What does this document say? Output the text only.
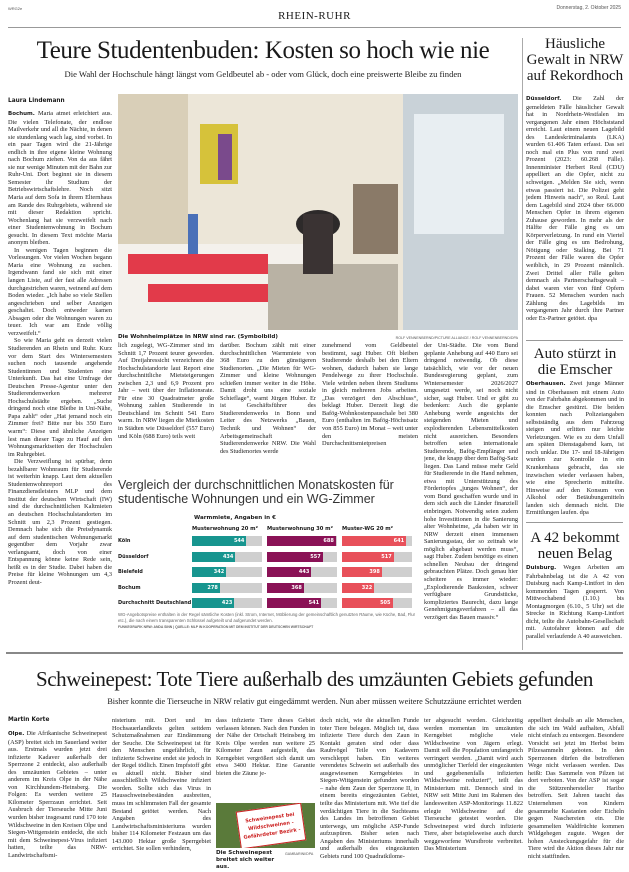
WRG2e	Donnerstag, 2. Oktober 2025
RHEIN-RUHR
Teure Studentenbuden: Kosten so hoch wie nie
Die Wahl der Hochschule hängt längst vom Geldbeutel ab - oder vom Glück, doch eine preiswerte Bleibe zu finden
Laura Lindemann

Bochum. Maria atmet erleichtert aus. Die vielen Telefonate, der endlose Mailverkehr und all die Nächte, in denen sie stundenlang wach lag, sind vorbei. In ein paar Tagen wird die 21-Jährige endlich in ihre eigene kleine Wohnung nach Bochum ziehen. Von da aus fährt sie nur wenige Minuten mit der Bahn zur Ruhr-Uni. Dort beginnt sie in diesem Semester ihr Studium der Betriebswirtschaftslehre. Noch sitzt Maria auf dem Sofa in ihrem Elternhaus am Rande des Ruhrgebiets, während sie mit dieser Redaktion spricht. Wochenlang hat sie verzweifelt nach einer Studentenwohnung in Bochum gesucht. In diesem Text möchte Maria anonym bleiben.

In wenigen Tagen beginnen die Vorlesungen. Vor vielen Wochen begann Maria eine Wohnung zu suchen. Irgendwann fand sie sich mit einer langen Liste, auf der fast alle Adressen durchgestrichen waren, weinend auf dem Boden wieder. „Ich habe so viele Stellen angeschrieben und selber Anzeigen geschaltet. Doch entweder kamen Absagen oder die Wohnungen waren zu teuer. Ich war am Ende völlig verzweifelt.“

So wie Maria geht es derzeit vielen Studierenden an Rhein und Ruhr. Kurz vor dem Start des Wintersemesters suchen noch tausende angehende Studentinnen und Studenten eine Unterkunft. Das hat eine Umfrage der Deutschen Presse-Agentur unter den Studierendenwerken mehrerer Hochschulstädte ergeben. „Suche dringend noch eine Bleibe in Uni-Nähe, Papa zahlt“ oder „Hat jemand noch ein Zimmer frei? Bitte nur bis 350 Euro warm“: Diese und ähnliche Anzeigen lest man dieser Tage zu Hauf auf den Wohnungsmarktseiten der Hochschulen im Ruhrgebiet.

Die Verzweiflung ist spürbar, denn bezahlbarer Wohnraum für Studierende ist weiterhin knapp. Laut dem aktuellen Studentenwohnreport des Finanzdienstleisters MLP und dem Institut der deutschen Wirtschaft (IW) sind die durchschnittlichen Kaltmieten an deutschen Hochschulstandorten im Schnitt um 2,3 Prozent gestiegen. Demnach habe sich die Preisdynamik auf dem studentischen Wohnungsmarkt gegenüber dem Vorjahr zwar verlangsamt, doch von einer Entspannung könne keine Rede sein, heißt es in der Studie. Dabei haben die Preise für kleine Wohnungen um 4,3 Prozent deut-

Die Wohnheimplätze in NRW sind rar. (Symbolbild)	ROLF VENNENBERND/PICTURE ALLIANCE / ROLF VENNENBERND/DPA
lich zugelegt, WG-Zimmer sind im Schnitt 1,7 Prozent teurer geworden. Auf Dreijahressicht verzeichnen die Hochschulstandorte laut Report eine durchschnittliche Mietsteigerungen zwischen 2,3 und 6,9 Prozent pro Jahr – weit über der Inflationsrate. Für eine 30 Quadratmeter große Wohnung zahlen Studierende in Deutschland im Schnitt 541 Euro warm. In NRW liegen die Mietkosten in Städten wie Düsseldorf (557 Euro) und Köln (688 Euro) teils weit
darüber. Bochum zählt mit einer durchschnittlichen Warmmiete von 368 Euro zu den günstigeren Studienorten. „Die Mieten für WG-Zimmer und kleine Wohnungen schießen immer weiter in die Höhe. Damit droht uns eine soziale Schieflage“, warnt Jürgen Huber. Er ist Geschäftsführer des Studierendenwerks in Bonn und Leiter des Netzwerks „Bauen, Technik und Wohnen“ der Arbeitsgemeinschaft Studierendenwerke NRW. Die Wahl des Studienortes werde
zunehmend vom Geldbeutel bestimmt, sagt Huber. Oft bleiben Studierende deshalb bei den Eltern wohnen, dadurch haben sie lange Pendelwege zu ihrer Hochschule. Viele würden neben ihrem Studiums in gleich mehreren Jobs arbeiten. „Das verzögert den Abschluss“, beklagt Huber. Derzeit liegt die Bafög-Wohnkostenpauschale bei 380 Euro (enthalten im Bafög-Höchstsatz von 855 Euro) im Monat – weit unter den meisten Durchschnittsmietpreisen
der Uni-Städte. Die vom Bund geplante Anhebung auf 440 Euro sei dringend notwendig. Ob diese tatsächlich, wie vor der neuen Bundesregierung geplant, zum Wintersemester 2026/2027 umgesetzt werde, sei noch nicht sicher, sagt Huber. Und er gibt zu bedenken: Auch die geplante Anhebung werde angesichts der steigenden Mieten und explodierenden Lebensmittelkosten nicht ausreichen. Besonders betroffen seien internationale Studierende, Bafög-Empfänger und jene, die knapp über dem Bafög-Satz liegen. Das Land müsse mehr Geld für Studierende in die Hand nehmen, etwa mit Unterstützung des Fördertopfes „junges Wohnen“, der vom Bund geschaffen wurde und in dem sich auch die Länder finanziell einbringen. Notwendig seien zudem hohe Investitionen in die Sanierung alter Wohnheime, „da haben wir in NRW derzeit einen immensen Sanierungsstau, der so zeitnah wie möglich abgebaut werden muss“, sagt Huber. Zudem benötige es einen schnellen Neubau der dringend gebrauchten Plätze. Doch genau hier scheitere es immer wieder: „Explodierende Baukosten, schwer verfügbare Grundstücke, kompliziertes Baurecht, dazu lange Genehmigungsverfahren – all das verzögert das Bauen massiv.“
Vergleich der durchschnittlichen Monatskosten für studentische Wohnungen und ein WG-Zimmer
Warmmiete, Angaben in €
Musterwohnung 20 m² Musterwohnung 30 m² Muster-WG 20 m²
Köln	544	688	641
Düsseldorf	434	557	517
Bielefeld	342	443	398
Bochum	278	368	322
Durchschnitt Deutschland	423	541	505
WG-Angebotspreise enthalten in der Regel sämtliche Kosten (inkl. Strom, Internet, Möblierung der gemeinschaftlich genutzten Räume, wie Küche, Bad, Flur etc.), die nach einem transparenten Schlüssel aufgeteilt und aufgerundet werden.
FUNKEGRAFIK NRW: ANDA SINN | QUELLE: MLP IN KOOPERATION MIT DEM INSTITUT DER DEUTSCHEN WIRTSCHAFT
Häusliche Gewalt in NRW auf Rekordhoch

Düsseldorf. Die Zahl der gemeldeten Fälle häuslicher Gewalt hat in Nordrhein-Westfalen im vergangenen Jahr einen Höchststand erreicht. Laut einem neuen Lagebild des Landeskriminalamts (LKA) wurden 61.406 Taten erfasst. Das sei noch mal ein Plus von rund zwei Prozent (2023: 60.268 Fälle). Innenminister Herbert Reul (CDU) appelliert an die Opfer, nicht zu schweigen. „Melden Sie sich, wenn etwas passiert ist. Die Polizei geht jedem Hinweis nach“, so Reul. Laut dem Lagebild sind 2024 über 66.000 Menschen Opfer in ihrem eigenen Zuhause geworden. In mehr als der Hälfte der Fälle ging es um Körperverletzung. In rund ein Viertel der Fälle ging es um Bedrohung, Nötigung oder Stalking. Bei 71 Prozent der Fälle waren die Opfer weiblich, in 29 Prozent männlich. Zwei Drittel aller Fälle gelten demnach als Partnerschaftsgewalt – dabei waren vier von fünf Opfern Frauen. 52 Menschen wurden nach Zählung des Lagebilds im vergangenen Jahr durch ihre Partner oder Ex-Partner getötet. dpa

Auto stürzt in die Emscher

Oberhausen. Zwei junge Männer sind in Oberhausen mit einem Auto von der Fahrbahn abgekommen und in die Emscher gestürzt. Die beiden konnten nach Polizeiangaben selbstständig aus dem Fahrzeug steigen und erlitten nur leichte Verletzungen. Wie es zu dem Unfall am späten Dienstagabend kam, ist noch unklar. Die 17- und 18-Jährigen wurden zur Kontrolle in ein Krankenhaus gebracht, das sie inzwischen wieder verlassen haben, wie eine Sprecherin mitteilte. Hinweise auf den Konsum von Alkohol oder Betäubungsmitteln landen sich demnach nicht. Die Ermittlungen laufen. dpa

A 42 bekommt neuen Belag

Duisburg. Wegen Arbeiten am Fahrbahnbelag ist die A 42 von Duisburg nach Kamp-Lintfort in den kommenden Tagen gesperrt. Von Mittwochabend (1.10.) bis Montagmorgen (6.10., 5 Uhr) sei die Strecke in Richtung Kamp-Lintfort dicht, teilte die Autobahn-Gesellschaft mit. Autofahrer können auf die parallel verlaufende A 40 ausweichen.

Schweinepest: Tote Tiere außerhalb des umzäunten Gebiets gefunden
Bisher konnte die Tierseuche in NRW relativ gut eingedämmt werden. Nun aber müssen weitere Schutzzäune errichtet werden
Martin Korte

Olpe. Die Afrikanische Schweinepest (ASP) breitet sich im Sauerland weiter aus. Erstmals wurden jetzt drei infizierte Kadaver außerhalb der Sperrzone 2 entdeckt, also außerhalb des umzäunten Gebietes – unter anderem im Kreis Olpe in der Nähe von Kirchhundem-Heinsberg. Die Folgen: Es werden weitere 25 Kilometer Sperrzaun errichtet. Seit Ausbruch der Tierseuche Mitte Juni wurden bisher insgesamt rund 170 tote Wildschweine in den Kreisen Olpe und Siegen-Wittgenstein entdeckt, die sich mit dem Schweinepest-Virus infiziert hatten, teilte das NRW-Landwirtschaftsmi-

nisterium mit. Dort und im Hochsauerlandkreis gelten seitdem Schutzmaßnahmen zur Eindämmung der Seuche. Die Schweinepest ist für den Menschen ungefährlich, für infizierte Schweine endet sie jedoch in der Regel tödlich. Einen Impfstoff gibt es aktuell nicht. Bisher sind ausschließlich Wildschweine infiziert worden. Sollte sich das Virus in Hausschweinebeständen ausbreiten, muss im schlimmsten Fall der gesamte Bestand getötet werden. Nach Angaben des Landwirtschaftsministeriums wurden bisher 114 Kilometer Festzaun um das 143.000 Hektar große Sperrgebiet errichtet. Sie sollen verhindern,
dass infizierte Tiere dieses Gebiet verlassen können. Nach den Funden in der Nähe der Ortschaft Heinsberg im Kreis Olpe werden nun weitere 25 Kilometer Zaun aufgestellt, das Kerngebiet vergrößert sich damit um etwa 3400 Hektar. Eine Garantie bieten die Zäune je-
Schweinepest bei Wildschweinen - Gefährdeter Bezirk -
Die Schweinepest breitet sich weiter aus.
GAMBARINI/DPA
doch nicht, wie die aktuellen Funde toter Tiere belegen. Möglich ist, dass infizierte Tiere durch den Zaun in Kontakt geraten sind oder dass Raubvögel Teile von Kadavern verschleppt haben. Ein weiteres verendetes Schwein sei außerhalb des ausgewiesenen Kerngebietes in Siegen-Wittgenstein gefunden worden – nahe dem Zaun der Sperrzone II, in einem bereits eingezäunten Gebiet, teilte das Ministerium mit. Wie tief die verdächtigen Tiere in die Suchteams des Landes im betroffenen Gebiet unterwegs, um mögliche ASP-Funde aufzuspüren. Bisher seien nach Angaben des Ministeriums innerhalb und außerhalb des eingezäunten Gebiets rund 100 Quadratkilome-
ter abgesucht worden. Gleichzeitig werden momentan im umzäunten Kerngebiet mögliche viele Wildschweine von Jägern erlegt. Damit soll die Population umfangreich verringert werden. „Damit wird auch unmöglicher Tierfeld der eingezäunten und gegebenenfalls infizierten Wildschweine reduziert“, teilt das Ministerium mit. Dennoch sind in NRW seit Mitte Juni im Rahmen des landesweiten ASP-Monitorings 11.822 erlegte Wildschweine auf die Tierseuche getestet worden. Die Schweinepest wird durch infizierte Tiere, aber beispielsweise auch durch weggeworfene Wurstbrote verbreitet. Das Ministerium
appelliert deshalb an alle Menschen, die sich im Wald aufhalten, Abfall nicht einfach zu entsorgen. Besondere Vorsicht sei jetzt im Herbst beim Pilzesammeln geboten. In den Sperrzonen dürfen die betroffenen Wege nicht verlassen werden. Das heißt: Das Sammeln von Pilzen ist dort verboten. Von der ASP ist sogar die Stützrenhersteller Haribo betroffen. Seit Jahren taucht das Unternehmen von Kindern gesammelte Kastanien oder Eicheln gegen Naschereien ein. Die gesammelten Waldfrüchte kommen Wildgehegen zugute. Wegen der hohen Ansteckungsgefahr für die Tiere wird die Aktion dieses Jahr nur nicht stattfinden.
